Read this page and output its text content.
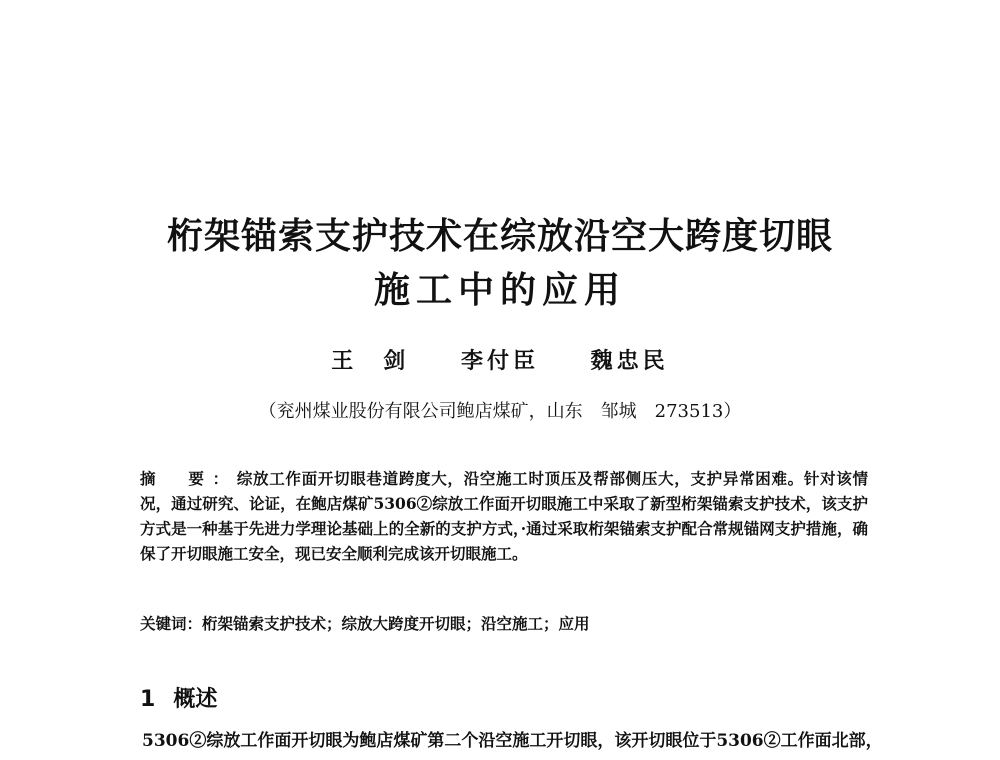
桁架锚索支护技术在综放沿空大跨度切眼
施工中的应用
王　剑 李付臣 魏忠民
（兖州煤业股份有限公司鲍店煤矿，山东　邹城　273513）

摘　要：综放工作面开切眼巷道跨度大，沿空施工时顶压及帮部侧压大，支护异常困难。针对该情况，通过研究、论证，在鲍店煤矿5306②综放工作面开切眼施工中采取了新型桁架锚索支护技术，该支护方式是一种基于先进力学理论基础上的全新的支护方式，·通过采取桁架锚索支护配合常规锚网支护措施，确保了开切眼施工安全，现已安全顺利完成该开切眼施工。

关键词：桁架锚索支护技术；综放大跨度开切眼；沿空施工；应用

1 概述

5306②综放工作面开切眼为鲍店煤矿第二个沿空施工开切眼，该开切眼位于5306②工作面北部，
